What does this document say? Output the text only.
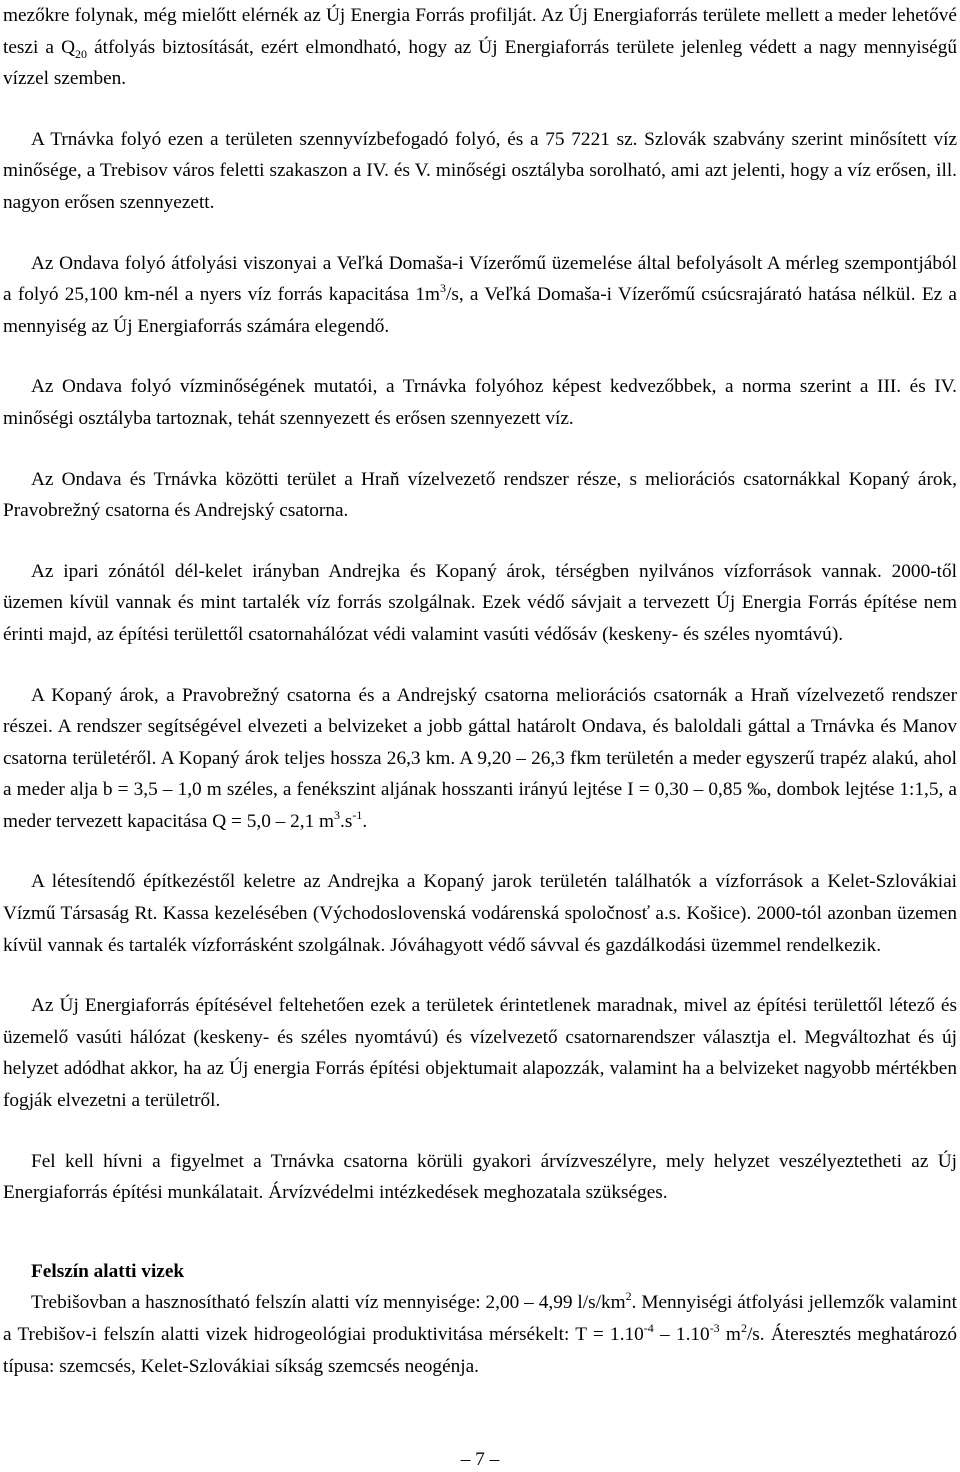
mezőkre folynak, még mielőtt elérnék az Új Energia Forrás profilját. Az Új Energiaforrás területe mellett a meder lehetővé teszi a $Q_{20}$ átfolyás biztosítását, ezért elmondható, hogy az Új Energiaforrás területe jelenleg védett a nagy mennyiségű vízzel szemben.

A Trnávka folyó ezen a területen szennyvízbefogadó folyó, és a 75 7221 sz. Szlovák szabvány szerint minősített víz minősége, a Trebisov város feletti szakaszon a IV. és V. minőségi osztályba sorolható, ami azt jelenti, hogy a víz erősen, ill. nagyon erősen szennyezett.

Az Ondava folyó átfolyási viszonyai a Veľká Domaša-i Vízerőmű üzemelése által befolyásolt A mérleg szempontjából a folyó 25,100 km-nél a nyers víz forrás kapacitása $1m^3/s$, a Veľká Domaša-i Vízerőmű csúcsrajáratό hatása nélkül. Ez a mennyiség az Új Energiaforrás számára elegendő.

Az Ondava folyó vízminőségének mutatói, a Trnávka folyóhoz képest kedvezőbbek, a norma szerint a III. és IV. minőségi osztályba tartoznak, tehát szennyezett és erősen szennyezett víz.

Az Ondava és Trnávka közötti terület a Hraň vízelvezető rendszer része, s meliorációs csatornákkal Kopaný árok, Pravobrežný csatorna és Andrejský csatorna.

Az ipari zónától dél-kelet irányban Andrejka és Kopaný árok, térségben nyilvános vízforrások vannak. 2000-től üzemen kívül vannak és mint tartalék víz forrás szolgálnak. Ezek védő sávjait a tervezett Új Energia Forrás építése nem érinti majd, az építési területtől csatornahálózat védi valamint vasúti védősáv (keskeny- és széles nyomtávú).

A Kopaný árok, a Pravobrežný csatorna és a Andrejský csatorna meliorációs csatornák a Hraň vízelvezető rendszer részei. A rendszer segítségével elvezeti a belvizeket a jobb gáttal határolt Ondava, és baloldali gáttal a Trnávka és Manov csatorna területéről. A Kopaný árok teljes hossza 26,3 km. A 9,20 – 26,3 fkm területén a meder egyszerű trapéz alakú, ahol a meder alja b = 3,5 – 1,0 m széles, a fenékszint aljának hosszanti irányú lejtése I = 0,30 – 0,85 ‰, dombok lejtése 1:1,5, a meder tervezett kapacitása Q = 5,0 – 2,1 $m^3.s^{-1}$.

A létesítendő építkezéstől keletre az Andrejka a Kopaný jarok területén találhatók a vízforrások a Kelet-Szlovákiai Vízmű Társaság Rt. Kassa kezelésében (Východoslovenská vodárenská spoločnosť a.s. Košice). 2000-tól azonban üzemen kívül vannak és tartalék vízforrásként szolgálnak. Jóváhagyott védő sávval és gazdálkodási üzemmel rendelkezik.

Az Új Energiaforrás építésével feltehetően ezek a területek érintetlenek maradnak, mivel az építési területtől létező és üzemelő vasúti hálózat (keskeny- és széles nyomtávú) és vízelvezető csatornarendszer választja el. Megváltozhat és új helyzet adódhat akkor, ha az Új energia Forrás építési objektumait alapozzák, valamint ha a belvizeket nagyobb mértékben fogják elvezetni a területről.

Fel kell hívni a figyelmet a Trnávka csatorna körüli gyakori árvízveszélyre, mely helyzet veszélyeztetheti az Új Energiaforrás építési munkálatait. Árvízvédelmi intézkedések meghozatala szükséges.

Felszín alatti vizek

Trebišovban a hasznosítható felszín alatti víz mennyisége: 2,00 – 4,99 $l/s/km^2$. Mennyiségi átfolyási jellemzők valamint a Trebišov-i felszín alatti vizek hidrogeológiai produktivitása mérsékelt: $T = 1.10^{-4} - 1.10^{-3}$ $m^2/s$. Áteresztés meghatározó típusa: szemcsés, Kelet-Szlovákiai síkság szemcsés neogénja.

– 7 –
